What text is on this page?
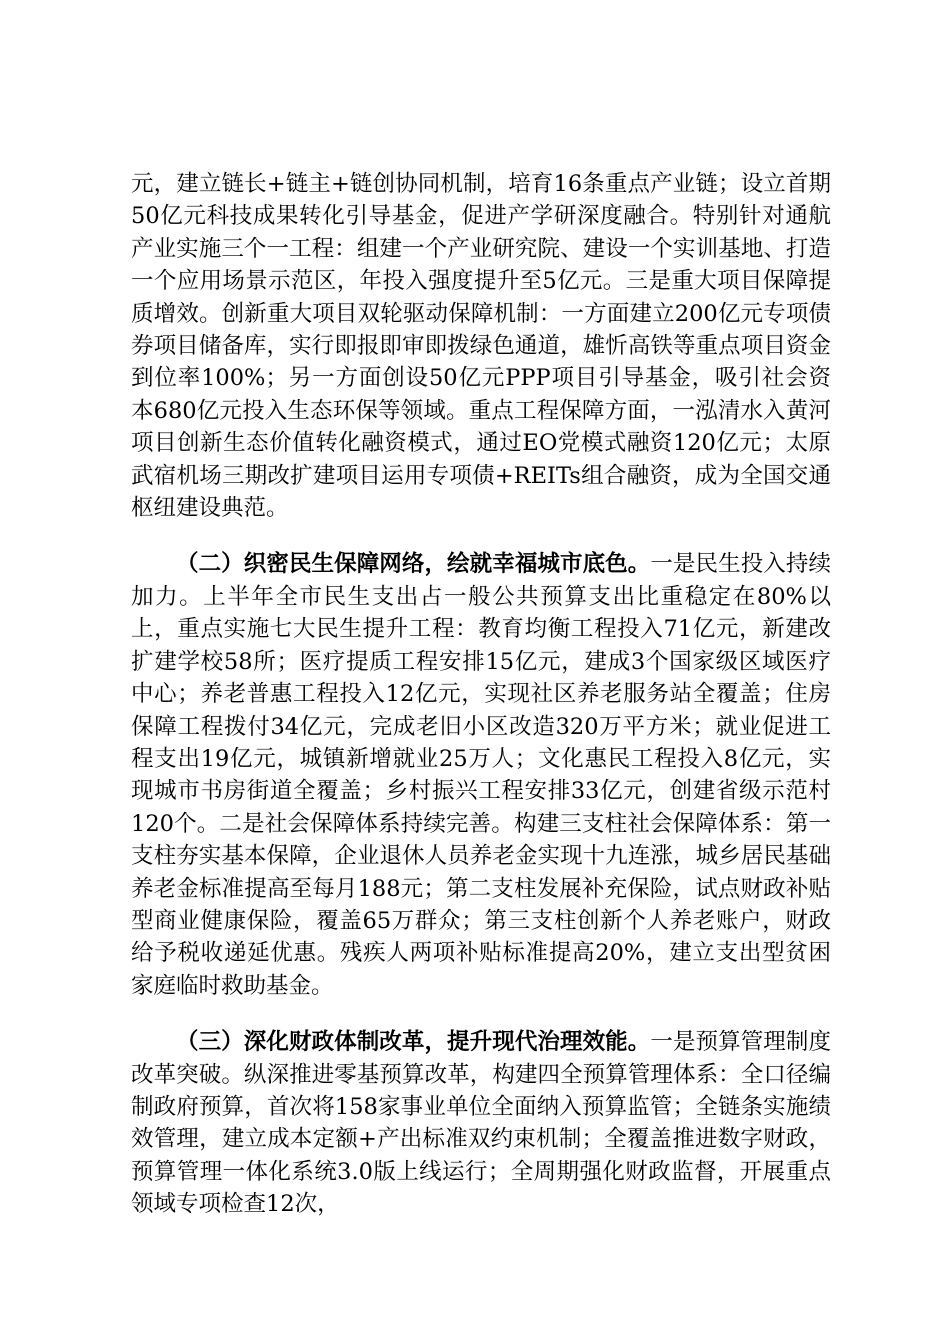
元，建立链长+链主+链创协同机制，培育16条重点产业链；设立首期50亿元科技成果转化引导基金，促进产学研深度融合。特别针对通航产业实施三个一工程：组建一个产业研究院、建设一个实训基地、打造一个应用场景示范区，年投入强度提升至5亿元。三是重大项目保障提质增效。创新重大项目双轮驱动保障机制：一方面建立200亿元专项债券项目储备库，实行即报即审即拨绿色通道，雄忻高铁等重点项目资金到位率100%；另一方面创设50亿元PPP项目引导基金，吸引社会资本680亿元投入生态环保等领域。重点工程保障方面，一泓清水入黄河项目创新生态价值转化融资模式，通过EO党模式融资120亿元；太原武宿机场三期改扩建项目运用专项债+REITs组合融资，成为全国交通枢纽建设典范。

（二）织密民生保障网络，绘就幸福城市底色。一是民生投入持续加力。上半年全市民生支出占一般公共预算支出比重稳定在80%以上，重点实施七大民生提升工程：教育均衡工程投入71亿元，新建改扩建学校58所；医疗提质工程安排15亿元，建成3个国家级区域医疗中心；养老普惠工程投入12亿元，实现社区养老服务站全覆盖；住房保障工程拨付34亿元，完成老旧小区改造320万平方米；就业促进工程支出19亿元，城镇新增就业25万人；文化惠民工程投入8亿元，实现城市书房街道全覆盖；乡村振兴工程安排33亿元，创建省级示范村120个。二是社会保障体系持续完善。构建三支柱社会保障体系：第一支柱夯实基本保障，企业退休人员养老金实现十九连涨，城乡居民基础养老金标准提高至每月188元；第二支柱发展补充保险，试点财政补贴型商业健康保险，覆盖65万群众；第三支柱创新个人养老账户，财政给予税收递延优惠。残疾人两项补贴标准提高20%，建立支出型贫困家庭临时救助基金。

（三）深化财政体制改革，提升现代治理效能。一是预算管理制度改革突破。纵深推进零基预算改革，构建四全预算管理体系：全口径编制政府预算，首次将158家事业单位全面纳入预算监管；全链条实施绩效管理，建立成本定额+产出标准双约束机制；全覆盖推进数字财政，预算管理一体化系统3.0版上线运行；全周期强化财政监督，开展重点领域专项检查12次，
